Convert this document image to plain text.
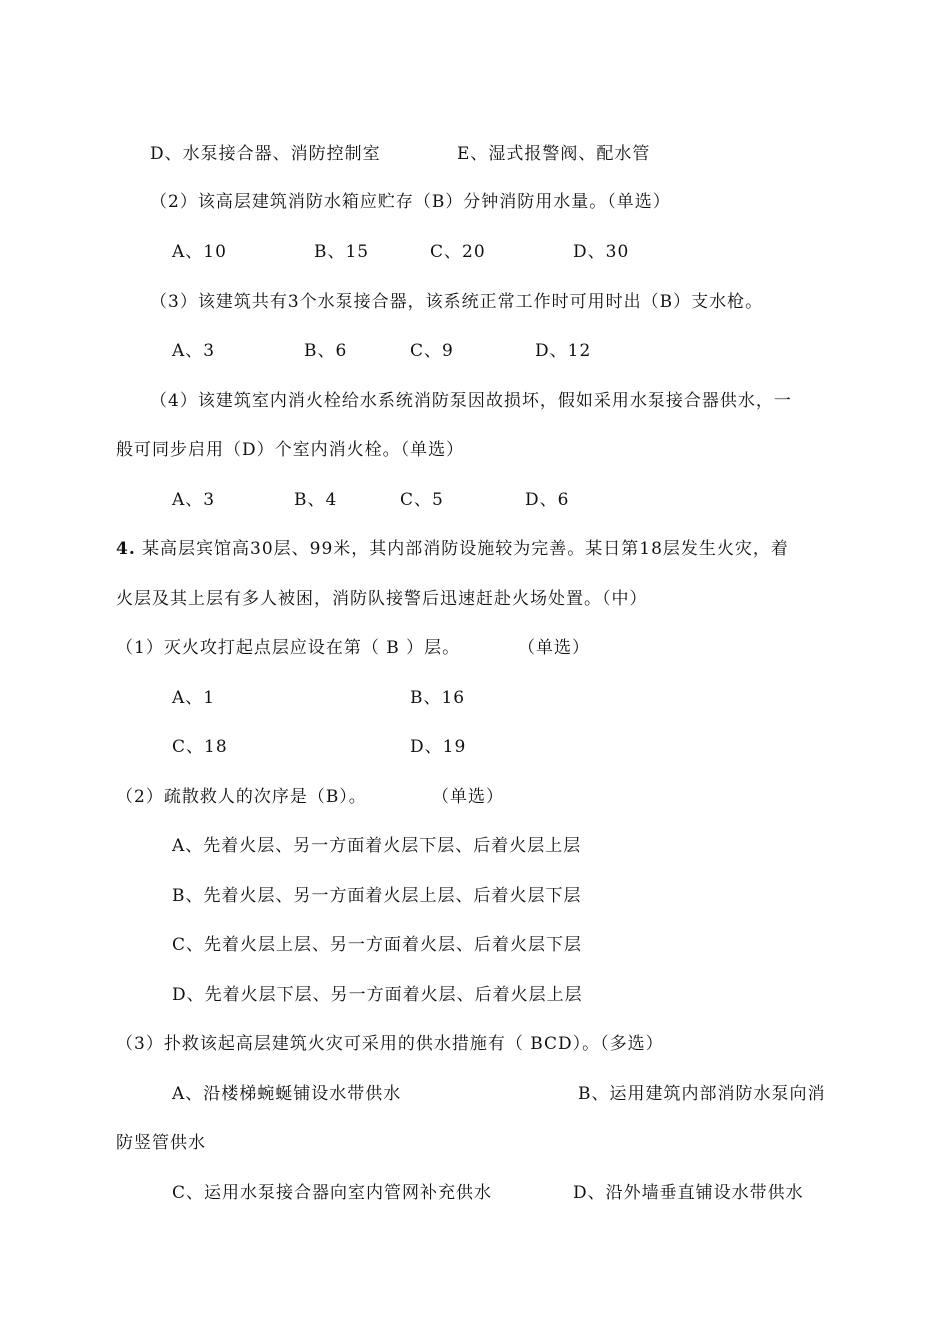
D、水泵接合器、消防控制室	E、湿式报警阀、配水管
（2）该高层建筑消防水箱应贮存（B）分钟消防用水量。（单选）
A、10	B、15	C、20	D、30
（3）该建筑共有3个水泵接合器，该系统正常工作时可用时出（B）支水枪。
A、3	B、6	C、9	D、12
（4）该建筑室内消火栓给水系统消防泵因故损坏，假如采用水泵接合器供水，一
般可同步启用（D）个室内消火栓。（单选）
A、3	B、4	C、5	D、6
4. 某高层宾馆高30层、99米，其内部消防设施较为完善。某日第18层发生火灾，着
火层及其上层有多人被困，消防队接警后迅速赶赴火场处置。（中）
（1）灭火攻打起点层应设在第（ B ）层。	（单选）
A、1	B、16
C、18	D、19
（2）疏散救人的次序是（B）。	（单选）
A、先着火层、另一方面着火层下层、后着火层上层
B、先着火层、另一方面着火层上层、后着火层下层
C、先着火层上层、另一方面着火层、后着火层下层
D、先着火层下层、另一方面着火层、后着火层上层
（3）扑救该起高层建筑火灾可采用的供水措施有（ BCD）。（多选）
A、沿楼梯蜿蜒铺设水带供水	B、运用建筑内部消防水泵向消
防竖管供水
C、运用水泵接合器向室内管网补充供水	D、沿外墙垂直铺设水带供水
